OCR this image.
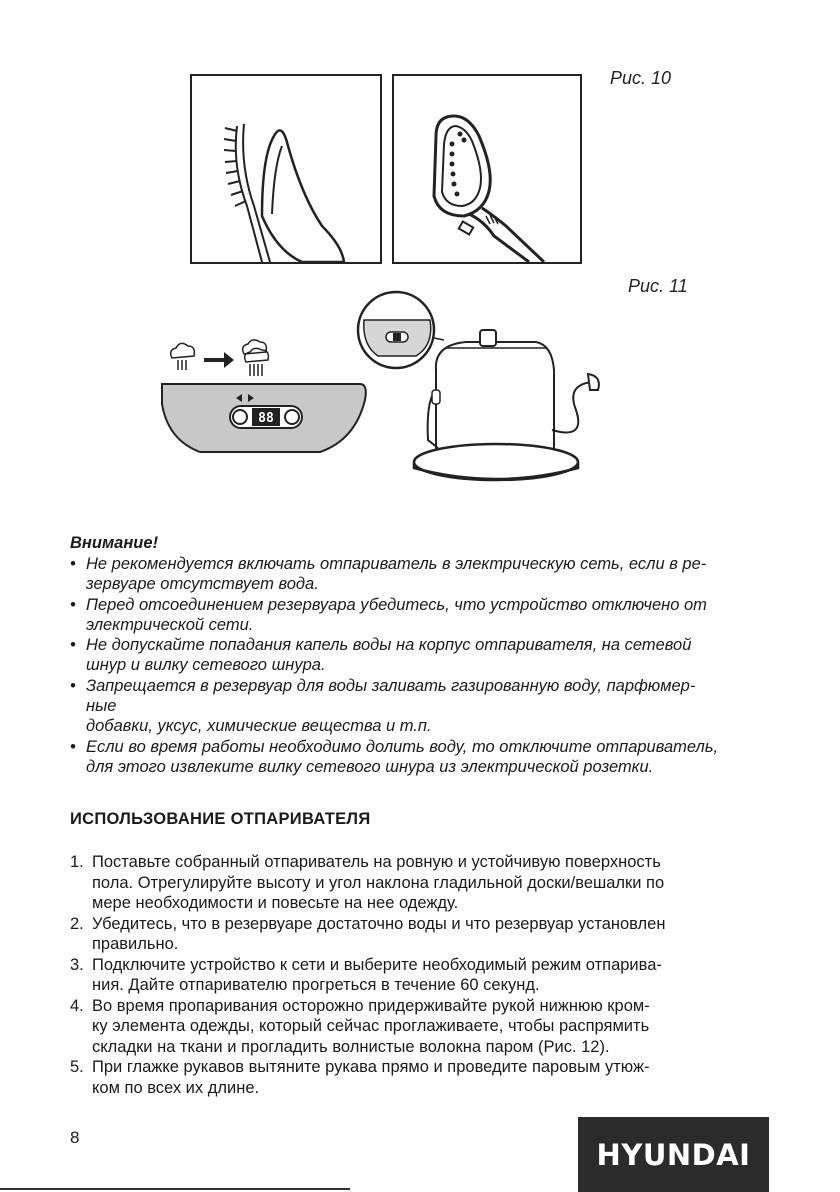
Рис. 10
Рис. 11
88
Внимание!
• Не рекомендуется включать отпариватель в электрическую сеть, если в ре-
зервуаре отсутствует вода.
• Перед отсоединением резервуара убедитесь, что устройство отключено от
электрической сети.
• Не допускайте попадания капель воды на корпус отпаривателя, на сетевой
шнур и вилку сетевого шнура.
• Запрещается в резервуар для воды заливать газированную воду, парфюмер-
ные
добавки, уксус, химические вещества и т.п.
• Если во время работы необходимо долить воду, то отключите отпариватель,
для этого извлеките вилку сетевого шнура из электрической розетки.
ИСПОЛЬЗОВАНИЕ ОТПАРИВАТЕЛЯ
1. Поставьте собранный отпариватель на ровную и устойчивую поверхность
пола. Отрегулируйте высоту и угол наклона гладильной доски/вешалки по
мере необходимости и повесьте на нее одежду.
2. Убедитесь, что в резервуаре достаточно воды и что резервуар установлен
правильно.
3. Подключите устройство к сети и выберите необходимый режим отпарива-
ния. Дайте отпаривателю прогреться в течение 60 секунд.
4. Во время пропаривания осторожно придерживайте рукой нижнюю кром-
ку элемента одежды, который сейчас проглаживаете, чтобы распрямить
складки на ткани и прогладить волнистые волокна паром (Рис. 12).
5. При глажке рукавов вытяните рукава прямо и проведите паровым утюж-
ком по всех их длине.
8	HYUNDAI
